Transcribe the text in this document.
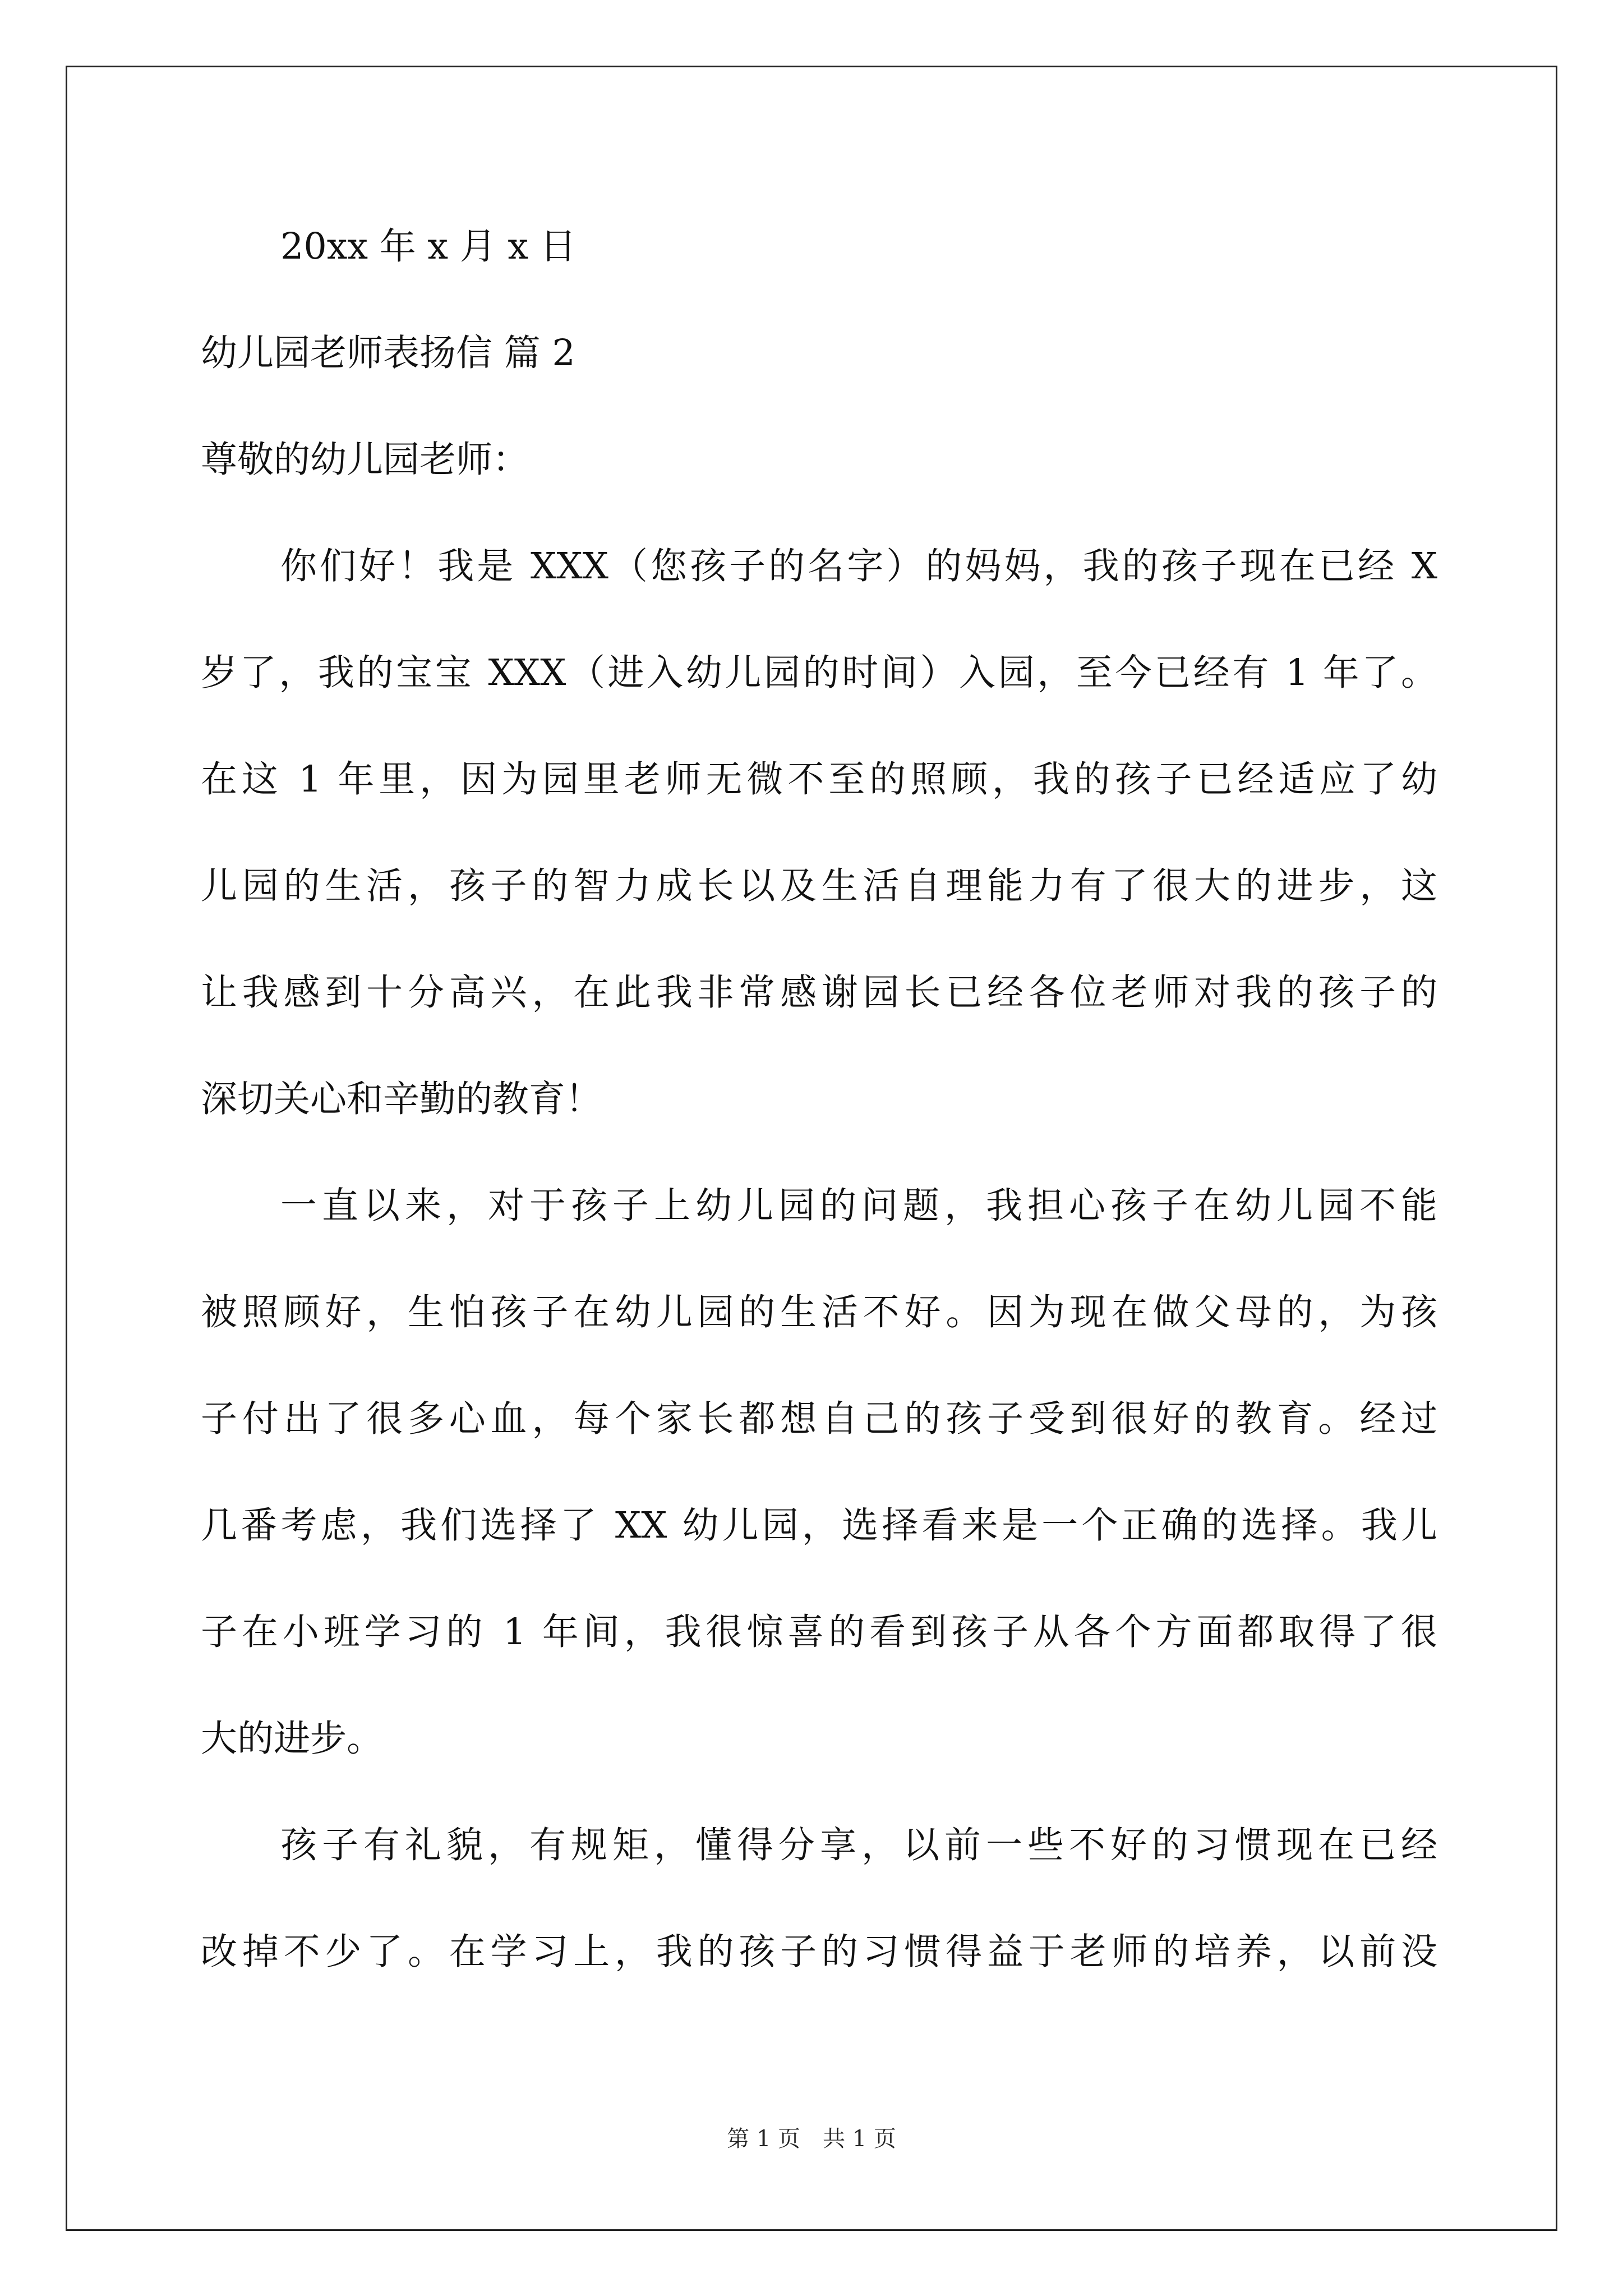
20xx 年 x 月 x 日
幼儿园老师表扬信 篇 2
尊敬的幼儿园老师：
你们好！我是 XXX（您孩子的名字）的妈妈，我的孩子现在已经 X
岁了，我的宝宝 XXX（进入幼儿园的时间）入园，至今已经有 1 年了。
在这 1 年里，因为园里老师无微不至的照顾，我的孩子已经适应了幼
儿园的生活，孩子的智力成长以及生活自理能力有了很大的进步，这
让我感到十分高兴，在此我非常感谢园长已经各位老师对我的孩子的
深切关心和辛勤的教育！
一直以来，对于孩子上幼儿园的问题，我担心孩子在幼儿园不能
被照顾好，生怕孩子在幼儿园的生活不好。因为现在做父母的，为孩
子付出了很多心血，每个家长都想自己的孩子受到很好的教育。经过
几番考虑，我们选择了 XX 幼儿园，选择看来是一个正确的选择。我儿
子在小班学习的 1 年间，我很惊喜的看到孩子从各个方面都取得了很
大的进步。
孩子有礼貌，有规矩，懂得分享，以前一些不好的习惯现在已经
改掉不少了。在学习上，我的孩子的习惯得益于老师的培养，以前没
第 1 页　共 1 页
